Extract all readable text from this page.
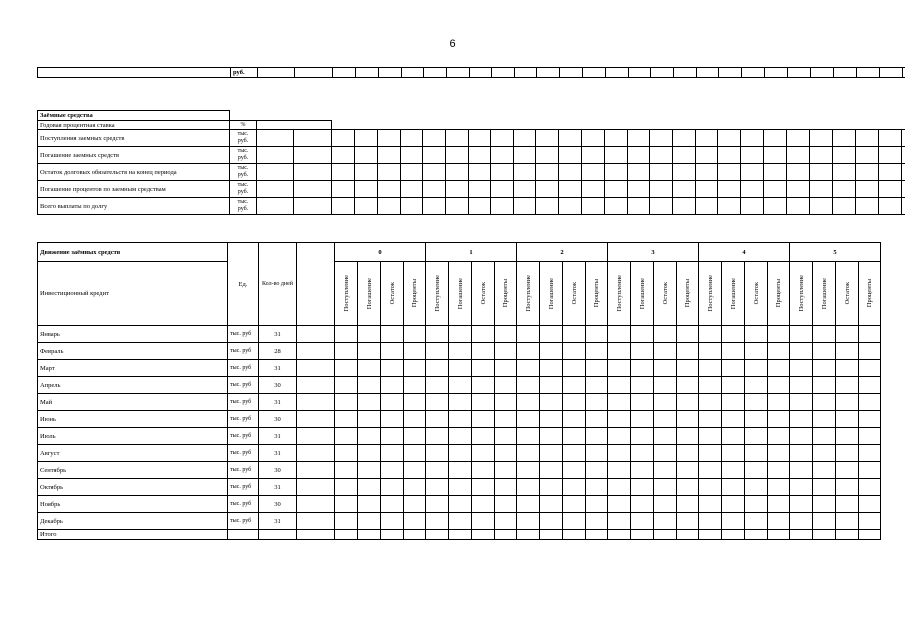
6
	руб.																												
Заёмные средства																													
Годовая процентная ставка	%																												
Поступления заемных средств	тыс. руб.																												
Погашение заемных средств	тыс. руб.																												
Остаток долговых обязательств на конец периода	тыс. руб.																												
Погашение процентов по заемным средствам	тыс. руб.																												
Всего выплаты по долгу	тыс. руб.																												
Движение заёмных средств	Ед.	Кол-во дней		0				1				2				3				4				5			
Инвестиционный кредит				Поступление	Погашение	Остаток	Проценты	Поступление	Погашение	Остаток	Проценты	Поступление	Погашение	Остаток	Проценты	Поступление	Погашение	Остаток	Проценты	Поступление	Погашение	Остаток	Проценты	Поступление	Погашение	Остаток	Проценты

Январь	тыс. руб	31																									
Февраль	тыс. руб	28																									
Март	тыс. руб	31																									
Апрель	тыс. руб	30																									
Май	тыс. руб	31																									
Июнь	тыс. руб	30																									
Июль	тыс. руб	31																									
Август	тыс. руб	31																									
Сентябрь	тыс. руб	30																									
Октябрь	тыс. руб	31																									
Ноябрь	тыс. руб	30																									
Декабрь	тыс. руб	31																									
Итого																											
